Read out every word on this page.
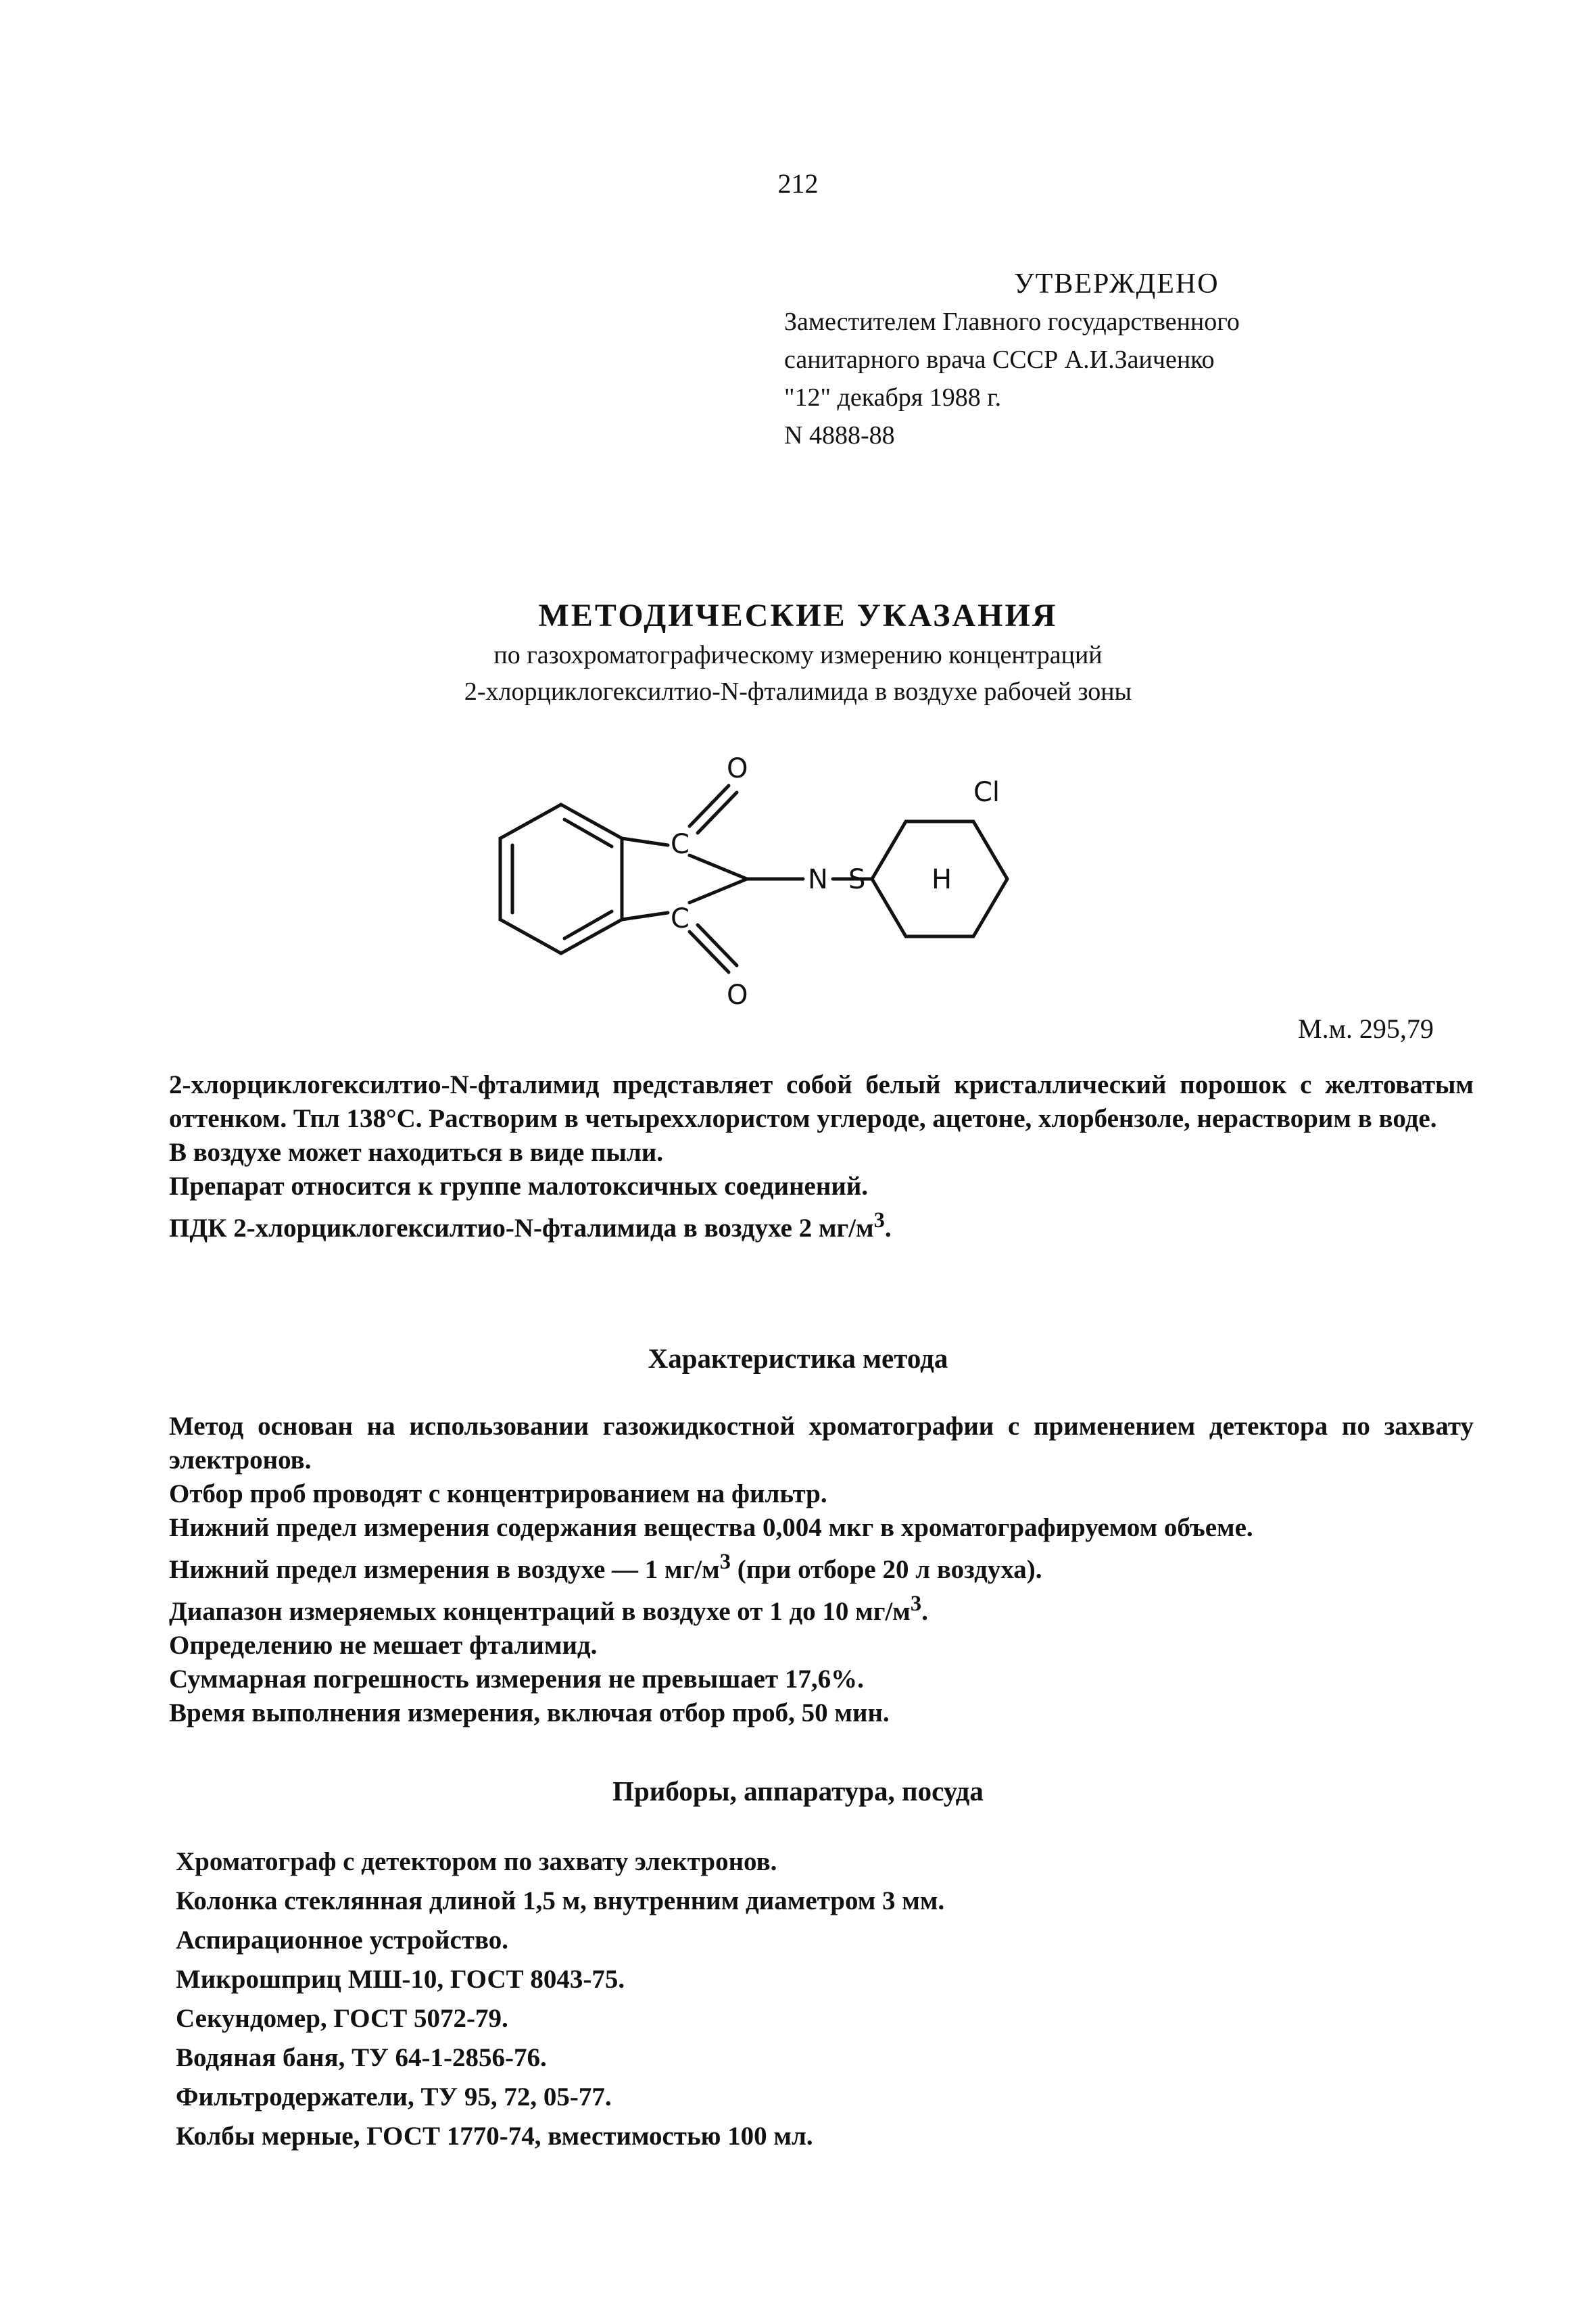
212
УТВЕРЖДЕНО
Заместителем Главного государственного
санитарного врача СССР А.И.Заиченко
"12" декабря 1988 г.
N 4888-88
МЕТОДИЧЕСКИЕ УКАЗАНИЯ
по газохроматографическому измерению концентраций
2-хлорциклогексилтио-N-фталимида в воздухе рабочей зоны
O
O
C
C
N S H
Cl
М.м. 295,79

2-хлорциклогексилтио-N-фталимид представляет собой белый кристаллический порошок с желтоватым оттенком. Тпл 138°С. Растворим в четыреххлористом углероде, ацетоне, хлорбензоле, нерастворим в воде.

В воздухе может находиться в виде пыли.

Препарат относится к группе малотоксичных соединений.

ПДК 2-хлорциклогексилтио-N-фталимида в воздухе 2 $мг/м^3$.

Характеристика метода

Метод основан на использовании газожидкостной хроматографии с применением детектора по захвату электронов.

Отбор проб проводят с концентрированием на фильтр.

Нижний предел измерения содержания вещества 0,004 мкг в хроматографируемом объеме.

Нижний предел измерения в воздухе — 1 $мг/м^3$ (при отборе 20 л воздуха).

Диапазон измеряемых концентраций в воздухе от 1 до 10 $мг/м^3$.

Определению не мешает фталимид.

Суммарная погрешность измерения не превышает 17,6%.

Время выполнения измерения, включая отбор проб, 50 мин.

Приборы, аппаратура, посуда
Хроматограф с детектором по захвату электронов.
Колонка стеклянная длиной 1,5 м, внутренним диаметром 3 мм.
Аспирационное устройство.
Микрошприц МШ-10, ГОСТ 8043-75.
Секундомер, ГОСТ 5072-79.
Водяная баня, ТУ 64-1-2856-76.
Фильтродержатели, ТУ 95, 72, 05-77.
Колбы мерные, ГОСТ 1770-74, вместимостью 100 мл.
